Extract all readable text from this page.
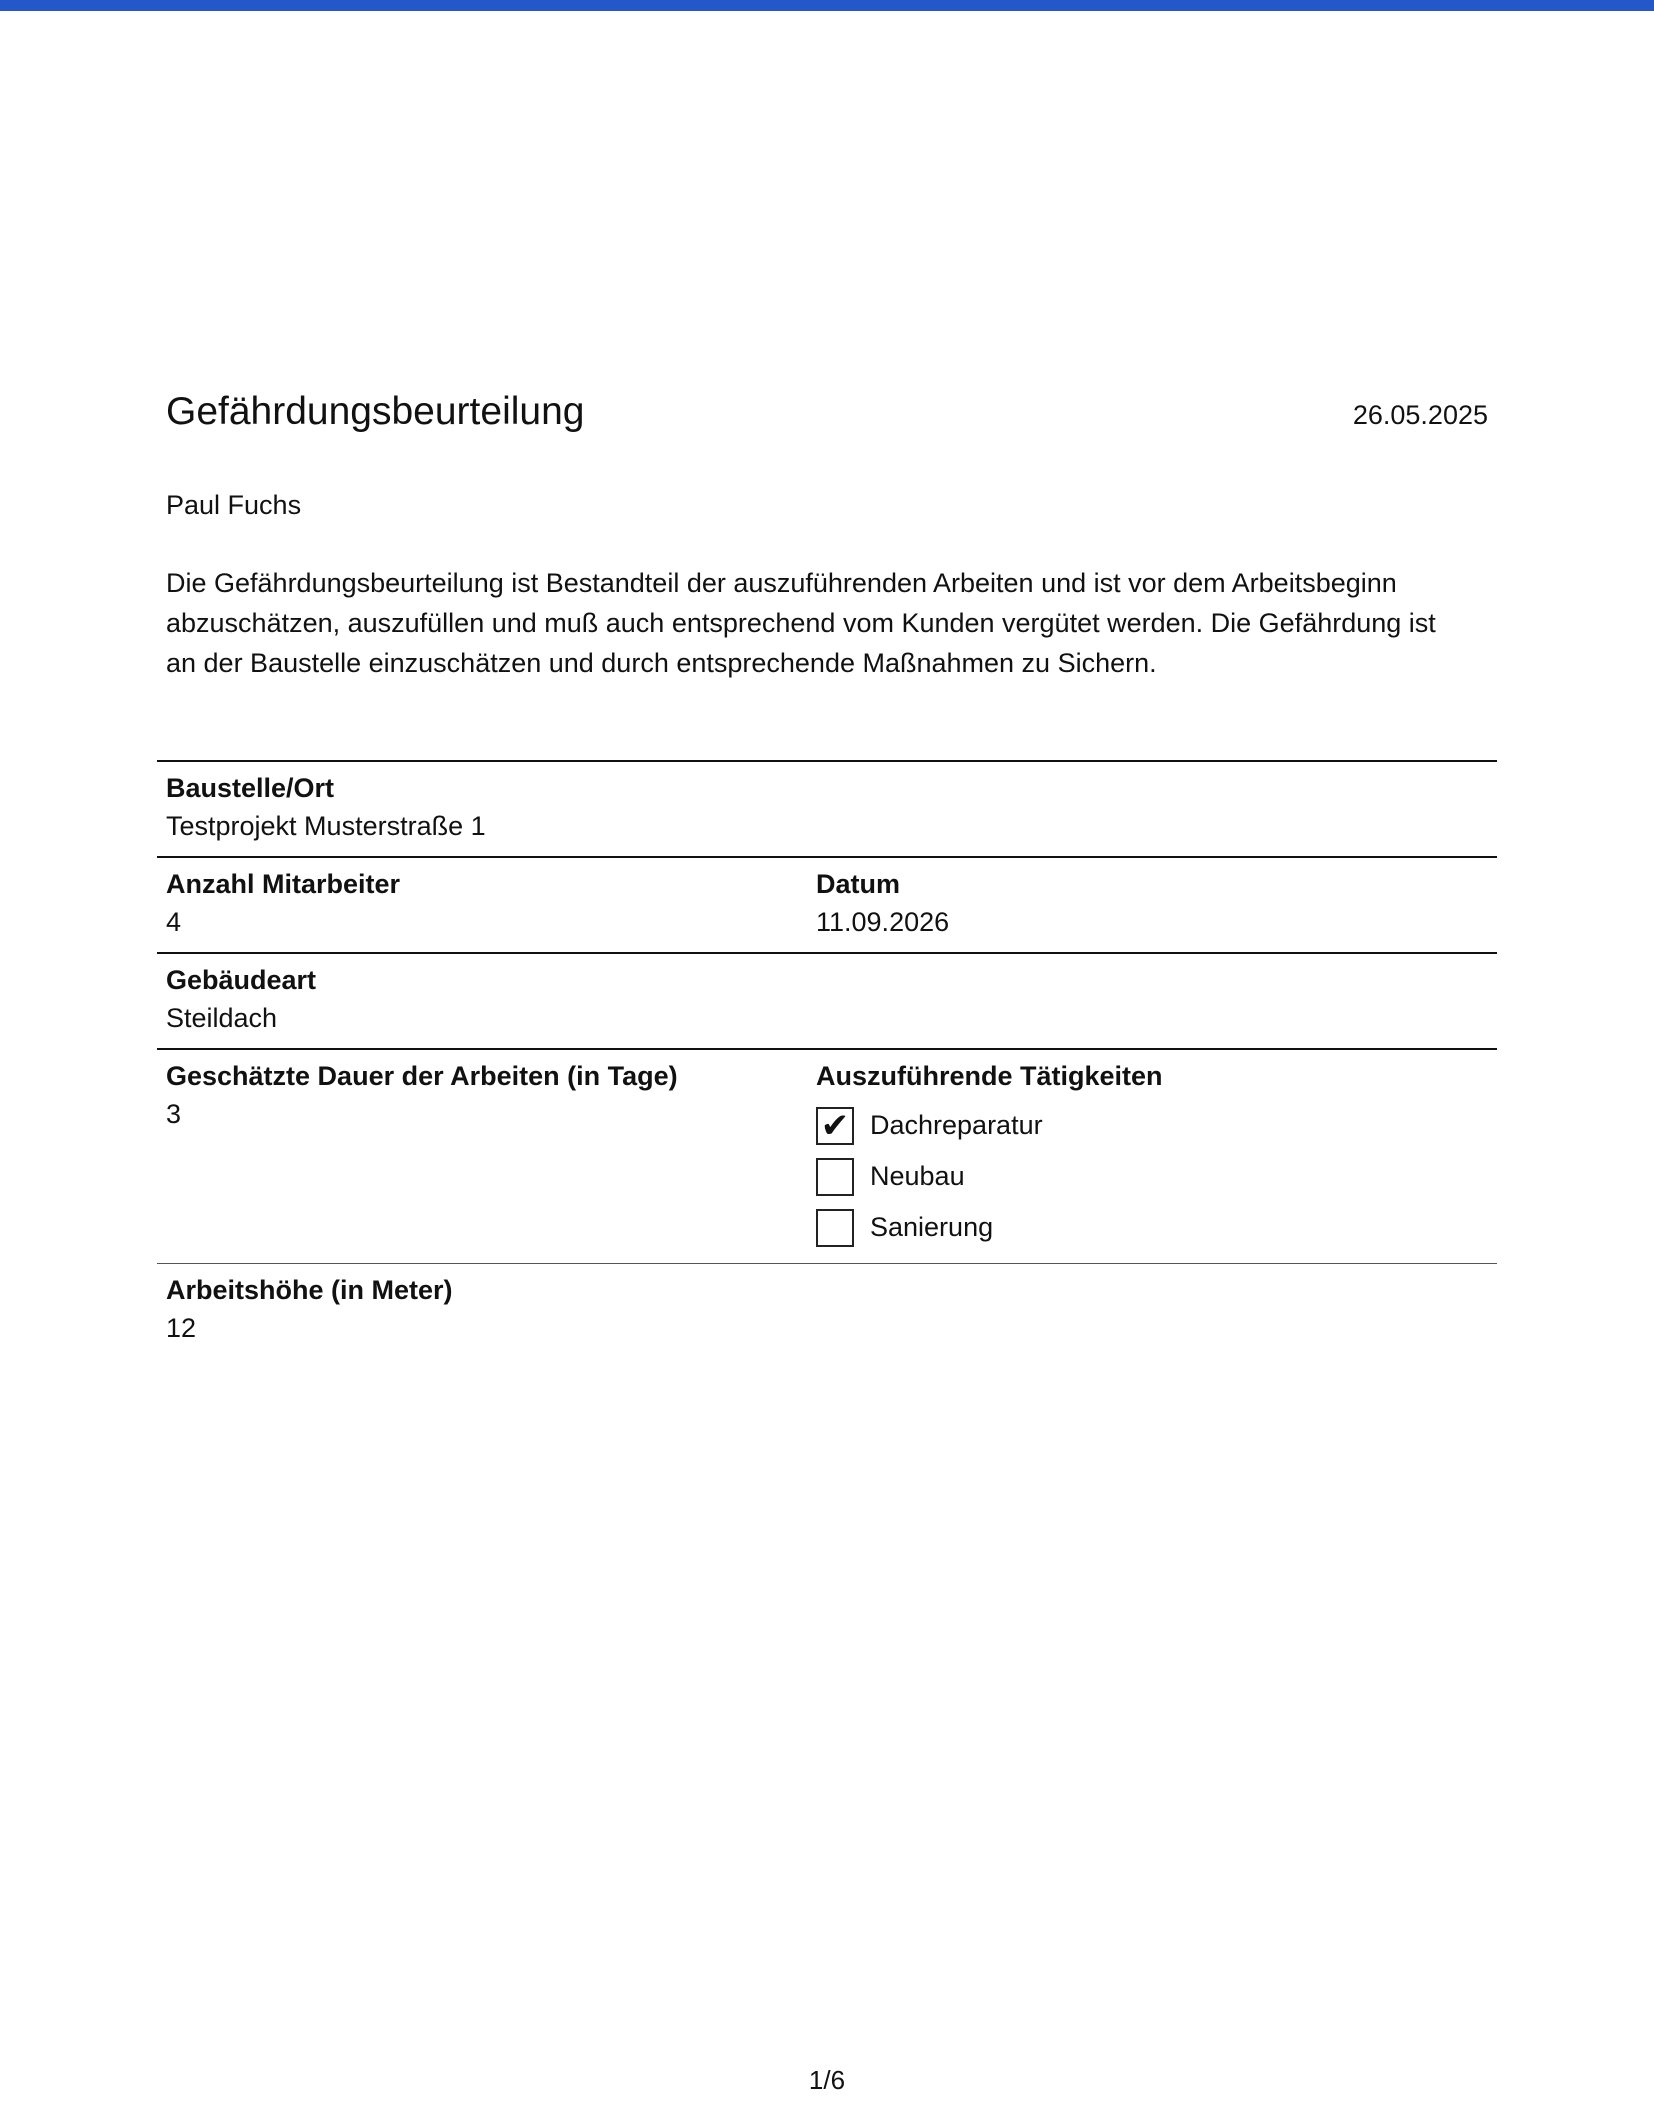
Gefährdungsbeurteilung	26.05.2025
Paul Fuchs
Die Gefährdungsbeurteilung ist Bestandteil der auszuführenden Arbeiten und ist vor dem Arbeitsbeginn abzuschätzen, auszufüllen und muß auch entsprechend vom Kunden vergütet werden. Die Gefährdung ist an der Baustelle einzuschätzen und durch entsprechende Maßnahmen zu Sichern.
Baustelle/Ort
Testprojekt Musterstraße 1
Anzahl Mitarbeiter
4
Datum
11.09.2026
Gebäudeart
Steildach
Geschätzte Dauer der Arbeiten (in Tage)
3
Auszuführende Tätigkeiten
✔ Dachreparatur
Neubau
Sanierung
Arbeitshöhe (in Meter)
12
1/6
